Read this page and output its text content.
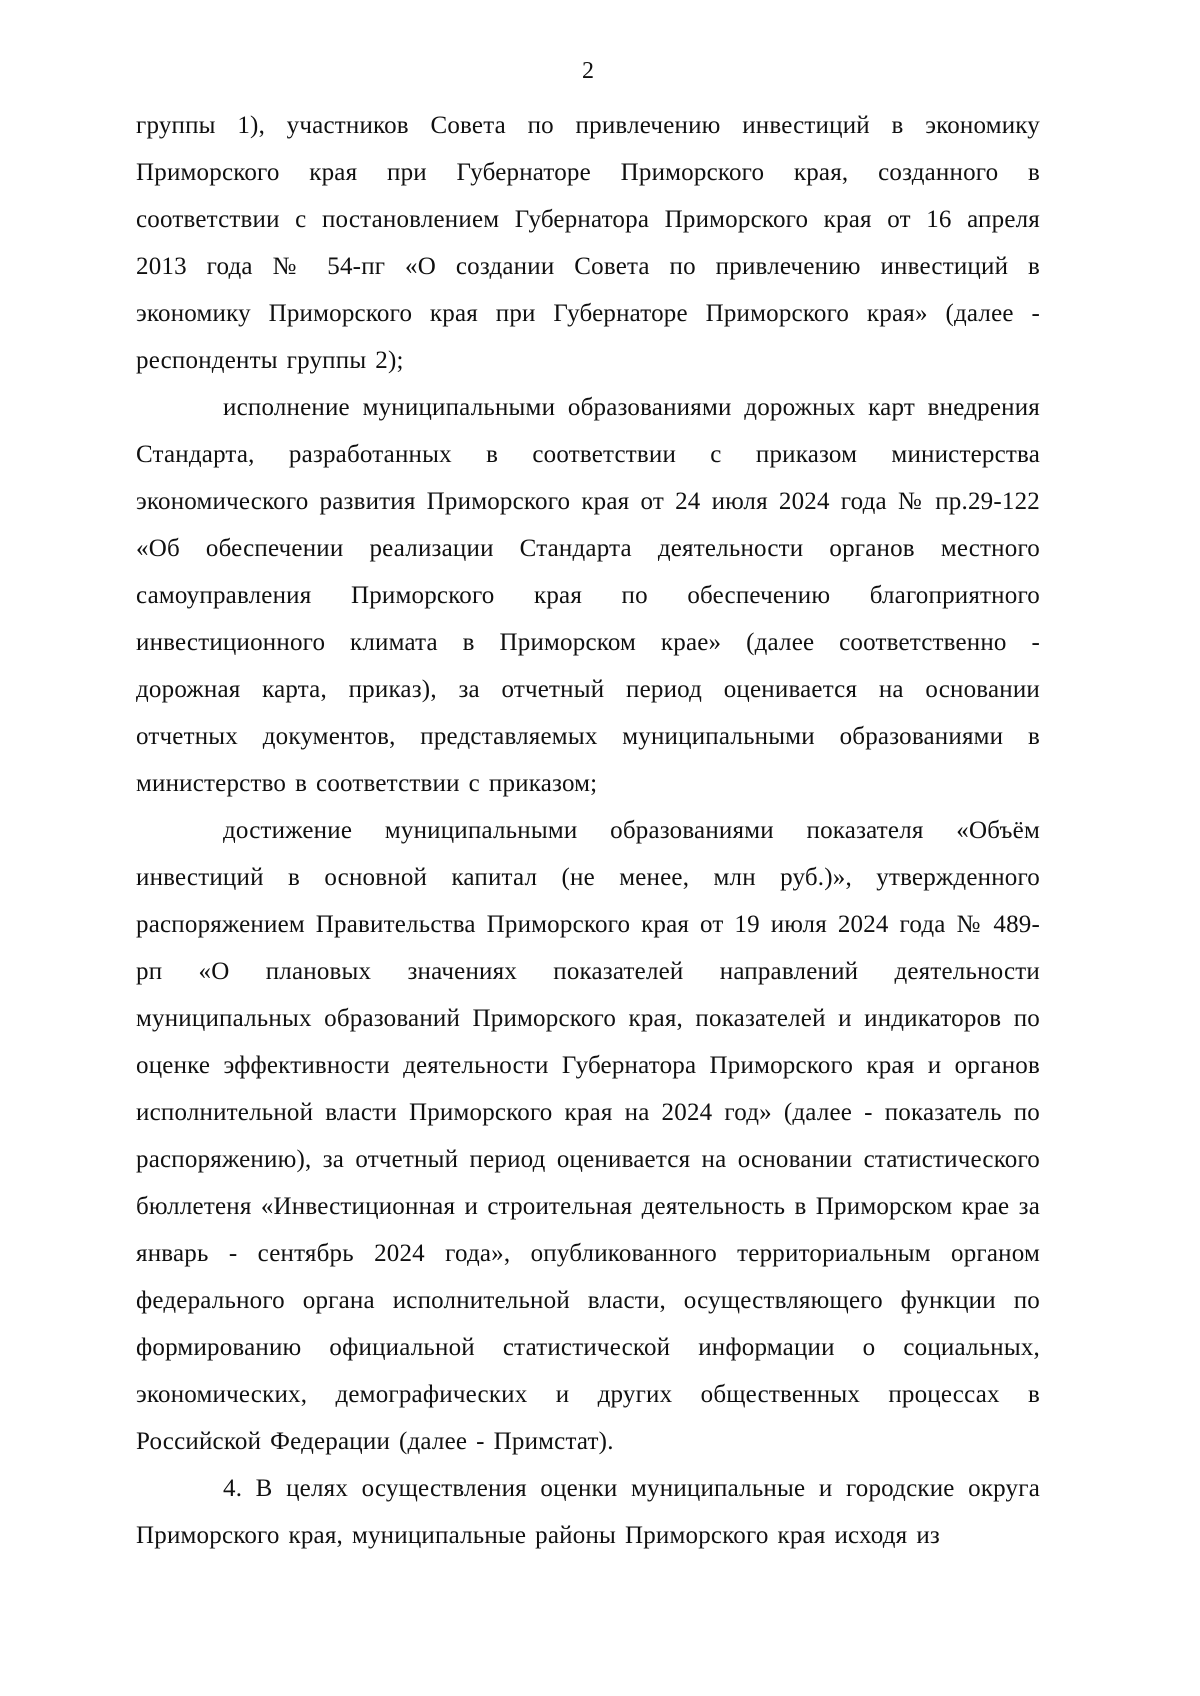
2

группы 1), участников Совета по привлечению инвестиций в экономику Приморского края при Губернаторе Приморского края, созданного в соответствии с постановлением Губернатора Приморского края от 16 апреля 2013 года № 54-пг «О создании Совета по привлечению инвестиций в экономику Приморского края при Губернаторе Приморского края» (далее - респонденты группы 2);

исполнение муниципальными образованиями дорожных карт внедрения Стандарта, разработанных в соответствии с приказом министерства экономического развития Приморского края от 24 июля 2024 года № пр.29-122 «Об обеспечении реализации Стандарта деятельности органов местного самоуправления Приморского края по обеспечению благоприятного инвестиционного климата в Приморском крае» (далее соответственно - дорожная карта, приказ), за отчетный период оценивается на основании отчетных документов, представляемых муниципальными образованиями в министерство в соответствии с приказом;

достижение муниципальными образованиями показателя «Объём инвестиций в основной капитал (не менее, млн руб.)», утвержденного распоряжением Правительства Приморского края от 19 июля 2024 года № 489-рп «О плановых значениях показателей направлений деятельности муниципальных образований Приморского края, показателей и индикаторов по оценке эффективности деятельности Губернатора Приморского края и органов исполнительной власти Приморского края на 2024 год» (далее - показатель по распоряжению), за отчетный период оценивается на основании статистического бюллетеня «Инвестиционная и строительная деятельность в Приморском крае за январь - сентябрь 2024 года», опубликованного территориальным органом федерального органа исполнительной власти, осуществляющего функции по формированию официальной статистической информации о социальных, экономических, демографических и других общественных процессах в Российской Федерации (далее - Примстат).

4. В целях осуществления оценки муниципальные и городские округа Приморского края, муниципальные районы Приморского края исходя из
